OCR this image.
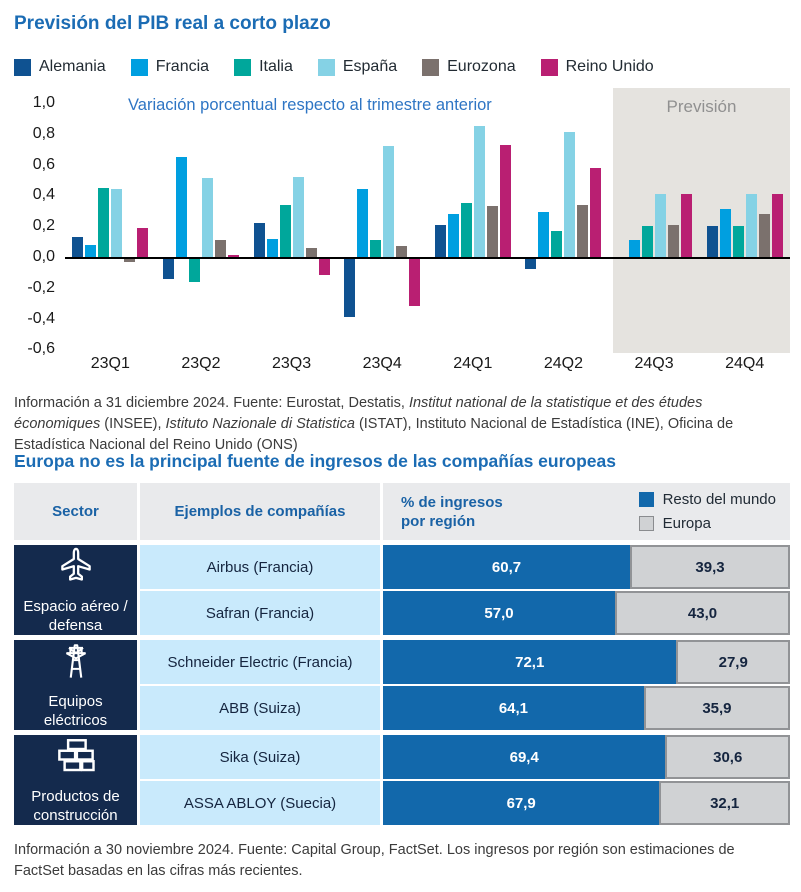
Previsión del PIB real a corto plazo
Alemania	Francia	Italia	España	Eurozona	Reino Unido
Variación porcentual respecto al trimestre anterior	Previsión
1,0
0,8
0,6
0,4
0,2
0,0
-0,2
-0,4
-0,6
23Q1	23Q2	23Q3	23Q4	24Q1	24Q2	24Q3	24Q4
Información a 31 diciembre 2024. Fuente: Eurostat, Destatis, Institut national de la statistique et des études économiques (INSEE), Istituto Nazionale di Statistica (ISTAT), Instituto Nacional de Estadística (INE), Oficina de Estadística Nacional del Reino Unido (ONS)
Europa no es la principal fuente de ingresos de las compañías europeas
Sector	Ejemplos de compañías
% de ingresos por región
Resto del mundo
Europa
Espacio aéreo / defensa
Airbus (Francia)	60,7	39,3
Safran (Francia)	57,0	43,0
Equipos eléctricos
Schneider Electric (Francia)	72,1	27,9
ABB (Suiza)	64,1	35,9
Productos de construcción
Sika (Suiza)	69,4	30,6
ASSA ABLOY (Suecia)	67,9	32,1
Información a 30 noviembre 2024. Fuente: Capital Group, FactSet. Los ingresos por región son estimaciones de FactSet basadas en las cifras más recientes.
